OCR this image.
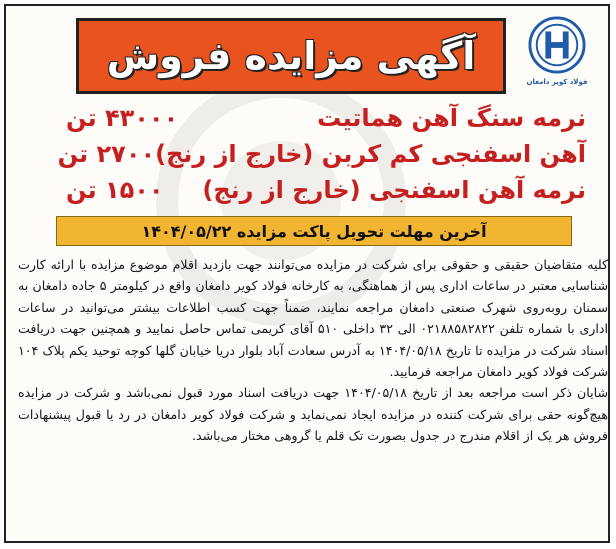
فولاد کویر دامغان
آگهی مزایده فروش
نرمه سنگ آهن هماتیت
۴۳۰۰۰ تن
آهن اسفنجی کم کربن (خارج از رنج)
۲۷۰۰ تن
نرمه آهن اسفنجی (خارج از رنج)
۱۵۰۰ تن
آخرین مهلت تحویل پاکت مزایده ۱۴۰۴/۰۵/۲۲

کلیه متقاضیان حقیقی و حقوقی برای شرکت در مزایده می‌توانند جهت بازدید اقلام موضوع مزایده با ارائه کارت شناسایی معتبر در ساعات اداری پس از هماهنگی، به کارخانه فولاد کویر دامغان واقع در کیلومتر ۵ جاده دامغان به سمنان روبه‌روی شهرک صنعتی دامغان مراجعه نمایند، ضمناً جهت کسب اطلاعات بیشتر می‌توانید در ساعات اداری با شماره تلفن ۰۲۱۸۸۵۸۲۸۲۲ الی ۳۲ داخلی ۵۱۰ آقای کریمی تماس حاصل نمایید و همچنین جهت دریافت اسناد شرکت در مزایده تا تاریخ ۱۴۰۴/۰۵/۱۸ به آدرس سعادت آباد بلوار دریا خیابان گلها کوچه توحید یکم پلاک ۱۰۴ شرکت فولاد کویر دامغان مراجعه فرمایید.

شایان ذکر است مراجعه بعد از تاریخ ۱۴۰۴/۰۵/۱۸ جهت دریافت اسناد مورد قبول نمی‌باشد و شرکت در مزایده هیچ‌گونه حقی برای شرکت کننده در مزایده ایجاد نمی‌نماید و شرکت فولاد کویر دامغان در رد یا قبول پیشنهادات فروش هر یک از اقلام مندرج در جدول بصورت تک قلم یا گروهی مختار می‌باشد.
